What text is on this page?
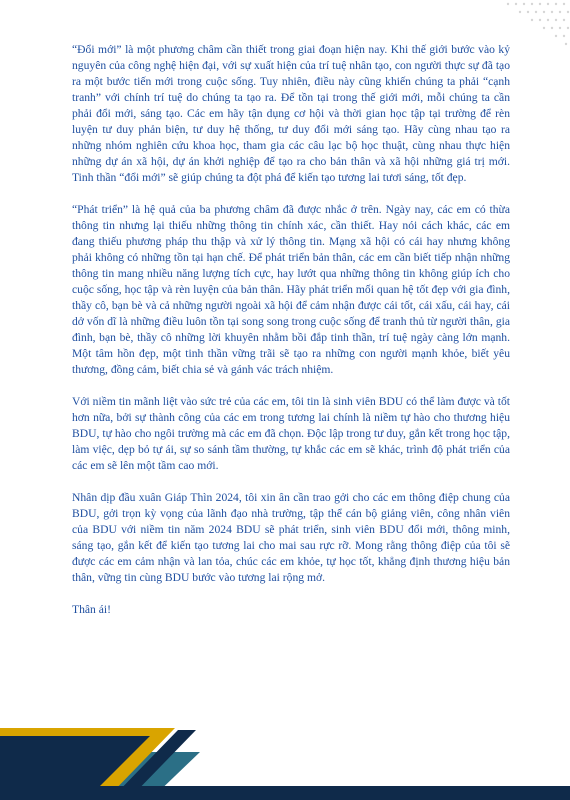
“Đổi mới” là một phương châm cần thiết trong giai đoạn hiện nay. Khi thế giới bước vào kỷ nguyên của công nghệ hiện đại, với sự xuất hiện của trí tuệ nhân tạo, con người thực sự đã tạo ra một bước tiến mới trong cuộc sống. Tuy nhiên, điều này cũng khiến chúng ta phải “cạnh tranh” với chính trí tuệ do chúng ta tạo ra. Để tồn tại trong thế giới mới, mỗi chúng ta cần phải đổi mới, sáng tạo. Các em hãy tận dụng cơ hội và thời gian học tập tại trường để rèn luyện tư duy phản biện, tư duy hệ thống, tư duy đổi mới sáng tạo. Hãy cùng nhau tạo ra những nhóm nghiên cứu khoa học, tham gia các câu lạc bộ học thuật, cùng nhau thực hiện những dự án xã hội, dự án khởi nghiệp để tạo ra cho bản thân và xã hội những giá trị mới. Tinh thần “đổi mới” sẽ giúp chúng ta đột phá để kiến tạo tương lai tươi sáng, tốt đẹp.

“Phát triển” là hệ quả của ba phương châm đã được nhắc ở trên. Ngày nay, các em có thừa thông tin nhưng lại thiếu những thông tin chính xác, cần thiết. Hay nói cách khác, các em đang thiếu phương pháp thu thập và xử lý thông tin. Mạng xã hội có cái hay nhưng không phải không có những tồn tại hạn chế. Để phát triển bản thân, các em cần biết tiếp nhận những thông tin mang nhiều năng lượng tích cực, hay lướt qua những thông tin không giúp ích cho cuộc sống, học tập và rèn luyện của bản thân. Hãy phát triển mối quan hệ tốt đẹp với gia đình, thầy cô, bạn bè và cả những người ngoài xã hội để cảm nhận được cái tốt, cái xấu, cái hay, cái dở vốn dĩ là những điều luôn tồn tại song song trong cuộc sống để tranh thủ từ người thân, gia đình, bạn bè, thầy cô những lời khuyên nhằm bồi đắp tinh thần, trí tuệ ngày càng lớn mạnh. Một tâm hồn đẹp, một tinh thần vững trãi sẽ tạo ra những con người mạnh khỏe, biết yêu thương, đồng cảm, biết chia sẻ và gánh vác trách nhiệm.

Với niềm tin mãnh liệt vào sức trẻ của các em, tôi tin là sinh viên BDU có thể làm được và tốt hơn nữa, bởi sự thành công của các em trong tương lai chính là niềm tự hào cho thương hiệu BDU, tự hào cho ngôi trường mà các em đã chọn. Độc lập trong tư duy, gắn kết trong học tập, làm việc, dẹp bỏ tự ái, sự so sánh tầm thường, tự khắc các em sẽ khác, trình độ phát triển của các em sẽ lên một tầm cao mới.

Nhân dịp đầu xuân Giáp Thìn 2024, tôi xin ân cần trao gởi cho các em thông điệp chung của BDU, gởi trọn kỳ vọng của lãnh đạo nhà trường, tập thể cán bộ giảng viên, công nhân viên của BDU với niềm tin năm 2024 BDU sẽ phát triển, sinh viên BDU đổi mới, thông minh, sáng tạo, gắn kết để kiến tạo tương lai cho mai sau rực rỡ. Mong rằng thông điệp của tôi sẽ được các em cảm nhận và lan tỏa, chúc các em khỏe, tự học tốt, khẳng định thương hiệu bản thân, vững tin cùng BDU bước vào tương lai rộng mở.

Thân ái!
